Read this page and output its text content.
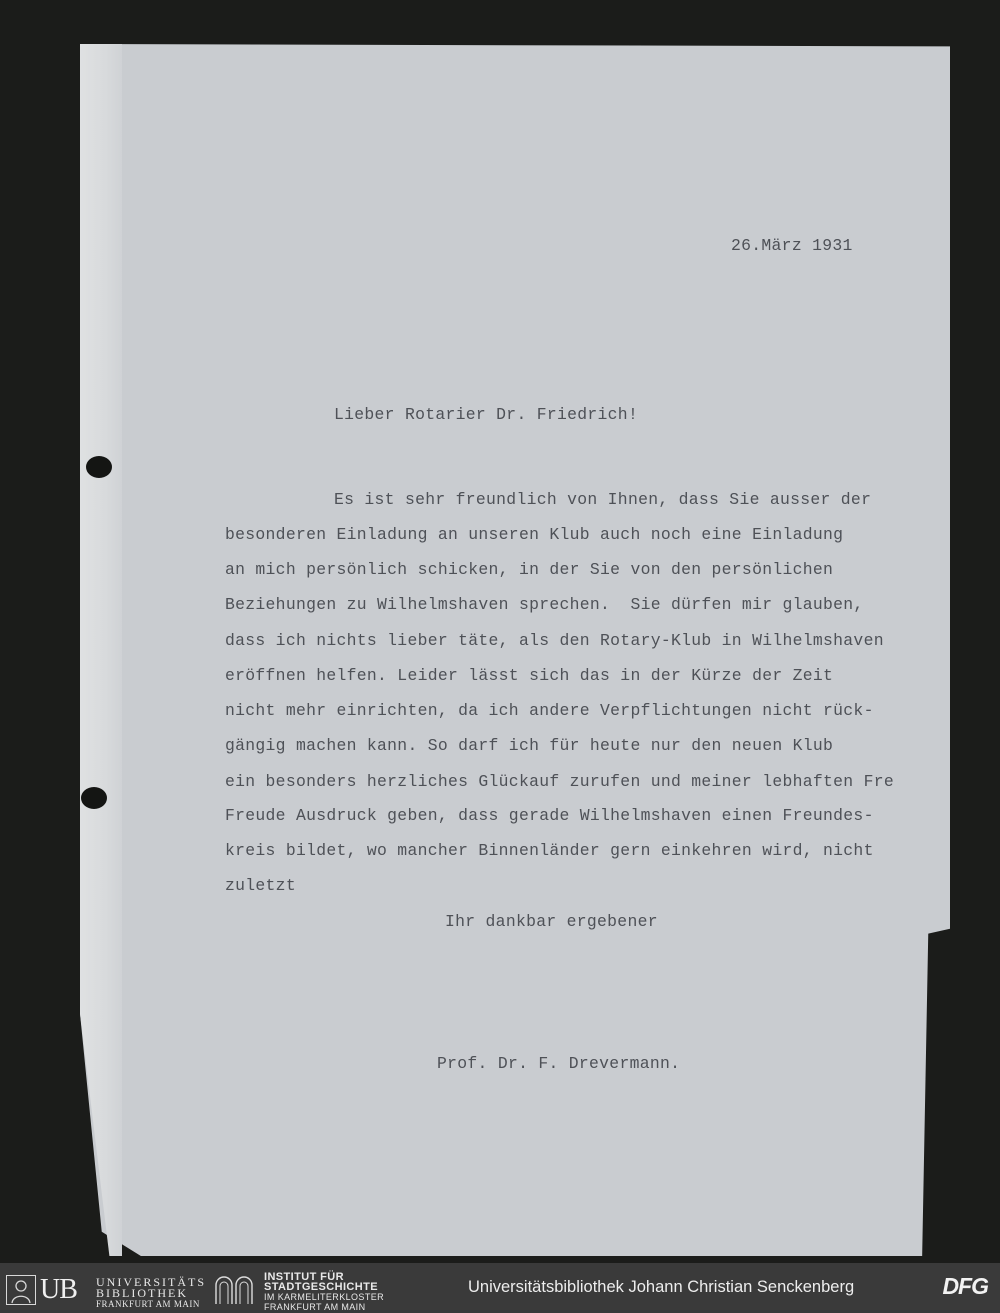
26.März 1931
Lieber Rotarier Dr. Friedrich!
Es ist sehr freundlich von Ihnen, dass Sie ausser der
besonderen Einladung an unseren Klub auch noch eine Einladung
an mich persönlich schicken, in der Sie von den persönlichen
Beziehungen zu Wilhelmshaven sprechen.  Sie dürfen mir glauben,
dass ich nichts lieber täte, als den Rotary-Klub in Wilhelmshaven
eröffnen helfen. Leider lässt sich das in der Kürze der Zeit
nicht mehr einrichten, da ich andere Verpflichtungen nicht rück-
gängig machen kann. So darf ich für heute nur den neuen Klub
ein besonders herzliches Glückauf zurufen und meiner lebhaften Fre
Freude Ausdruck geben, dass gerade Wilhelmshaven einen Freundes-
kreis bildet, wo mancher Binnenländer gern einkehren wird, nicht
zuletzt
Ihr dankbar ergebener
Prof. Dr. F. Drevermann.
UB UNIVERSITÄTS
BIBLIOTHEK
FRANKFURT AM MAIN
INSTITUT FÜR
STADTGESCHICHTE
IM KARMELITERKLOSTER
FRANKFURT AM MAIN
Universitätsbibliothek Johann Christian Senckenberg	DFG
